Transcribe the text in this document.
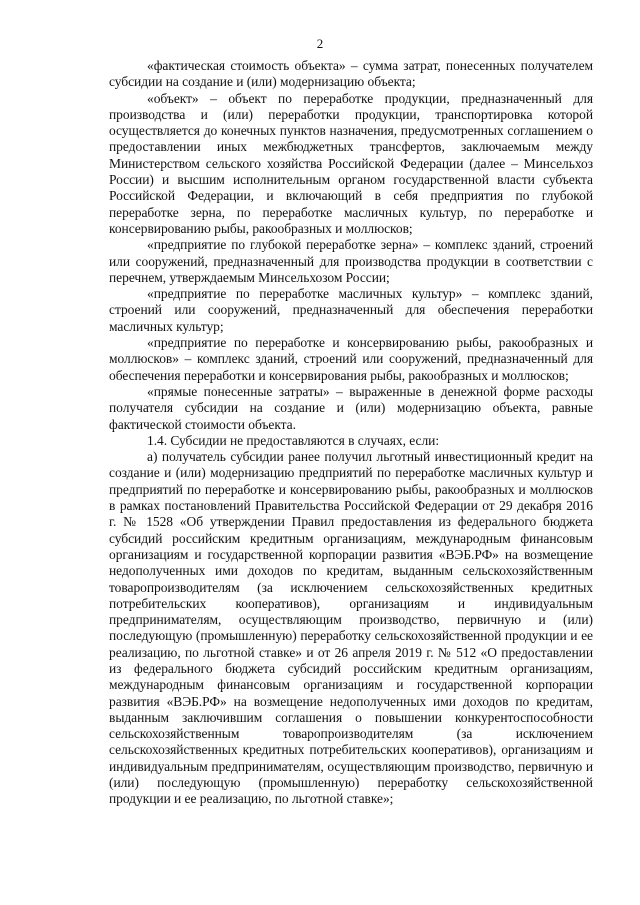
2

«фактическая стоимость объекта» – сумма затрат, понесенных получателем субсидии на создание и (или) модернизацию объекта;

«объект» – объект по переработке продукции, предназначенный для производства и (или) переработки продукции, транспортировка которой осуществляется до конечных пунктов назначения, предусмотренных соглашением о предоставлении иных межбюджетных трансфертов, заключаемым между Министерством сельского хозяйства Российской Федерации (далее – Минсельхоз России) и высшим исполнительным органом государственной власти субъекта Российской Федерации, и включающий в себя предприятия по глубокой переработке зерна, по переработке масличных культур, по переработке и консервированию рыбы, ракообразных и моллюсков;

«предприятие по глубокой переработке зерна» – комплекс зданий, строений или сооружений, предназначенный для производства продукции в соответствии с перечнем, утверждаемым Минсельхозом России;

«предприятие по переработке масличных культур» – комплекс зданий, строений или сооружений, предназначенный для обеспечения переработки масличных культур;

«предприятие по переработке и консервированию рыбы, ракообразных и моллюсков» – комплекс зданий, строений или сооружений, предназначенный для обеспечения переработки и консервирования рыбы, ракообразных и моллюсков;

«прямые понесенные затраты» – выраженные в денежной форме расходы получателя субсидии на создание и (или) модернизацию объекта, равные фактической стоимости объекта.

1.4. Субсидии не предоставляются в случаях, если:

а) получатель субсидии ранее получил льготный инвестиционный кредит на создание и (или) модернизацию предприятий по переработке масличных культур и предприятий по переработке и консервированию рыбы, ракообразных и моллюсков в рамках постановлений Правительства Российской Федерации от 29 декабря 2016 г. № 1528 «Об утверждении Правил предоставления из федерального бюджета субсидий российским кредитным организациям, международным финансовым организациям и государственной корпорации развития «ВЭБ.РФ» на возмещение недополученных ими доходов по кредитам, выданным сельскохозяйственным товаропроизводителям (за исключением сельскохозяйственных кредитных потребительских кооперативов), организациям и индивидуальным предпринимателям, осуществляющим производство, первичную и (или) последующую (промышленную) переработку сельскохозяйственной продукции и ее реализацию, по льготной ставке» и от 26 апреля 2019 г. № 512 «О предоставлении из федерального бюджета субсидий российским кредитным организациям, международным финансовым организациям и государственной корпорации развития «ВЭБ.РФ» на возмещение недополученных ими доходов по кредитам, выданным заключившим соглашения о повышении конкурентоспособности сельскохозяйственным товаропроизводителям (за исключением сельскохозяйственных кредитных потребительских кооперативов), организациям и индивидуальным предпринимателям, осуществляющим производство, первичную и (или) последующую (промышленную) переработку сельскохозяйственной продукции и ее реализацию, по льготной ставке»;
